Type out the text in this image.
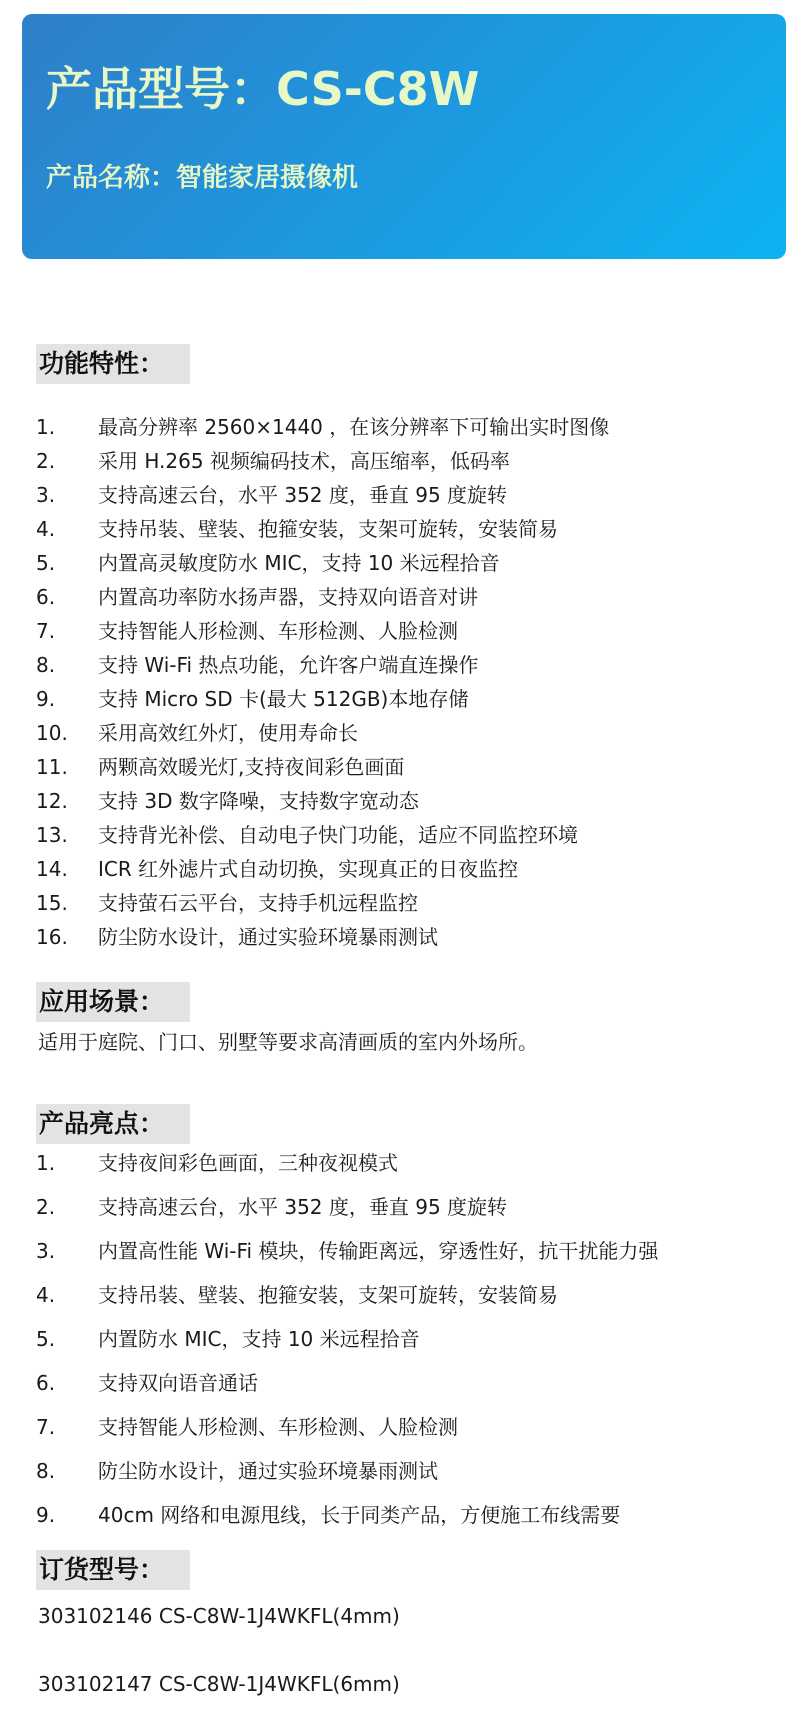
产品型号：CS-C8W
产品名称：智能家居摄像机
功能特性：
1. 最高分辨率 2560×1440 ，在该分辨率下可输出实时图像
2. 采用 H.265 视频编码技术，高压缩率，低码率
3. 支持高速云台，水平 352 度，垂直 95 度旋转
4. 支持吊装、壁装、抱箍安装，支架可旋转，安装简易
5. 内置高灵敏度防水 MIC，支持 10 米远程拾音
6. 内置高功率防水扬声器，支持双向语音对讲
7. 支持智能人形检测、车形检测、人脸检测
8. 支持 Wi-Fi 热点功能，允许客户端直连操作
9. 支持 Micro SD 卡(最大 512GB)本地存储
10. 采用高效红外灯，使用寿命长
11. 两颗高效暖光灯,支持夜间彩色画面
12. 支持 3D 数字降噪，支持数字宽动态
13. 支持背光补偿、自动电子快门功能，适应不同监控环境
14. ICR 红外滤片式自动切换，实现真正的日夜监控
15. 支持萤石云平台，支持手机远程监控
16. 防尘防水设计，通过实验环境暴雨测试
应用场景：
适用于庭院、门口、别墅等要求高清画质的室内外场所。
产品亮点：
1. 支持夜间彩色画面，三种夜视模式
2. 支持高速云台，水平 352 度，垂直 95 度旋转
3. 内置高性能 Wi-Fi 模块，传输距离远，穿透性好，抗干扰能力强
4. 支持吊装、壁装、抱箍安装，支架可旋转，安装简易
5. 内置防水 MIC，支持 10 米远程拾音
6. 支持双向语音通话
7. 支持智能人形检测、车形检测、人脸检测
8. 防尘防水设计，通过实验环境暴雨测试
9. 40cm 网络和电源甩线，长于同类产品，方便施工布线需要
订货型号：
303102146 CS-C8W-1J4WKFL(4mm)
303102147 CS-C8W-1J4WKFL(6mm)
